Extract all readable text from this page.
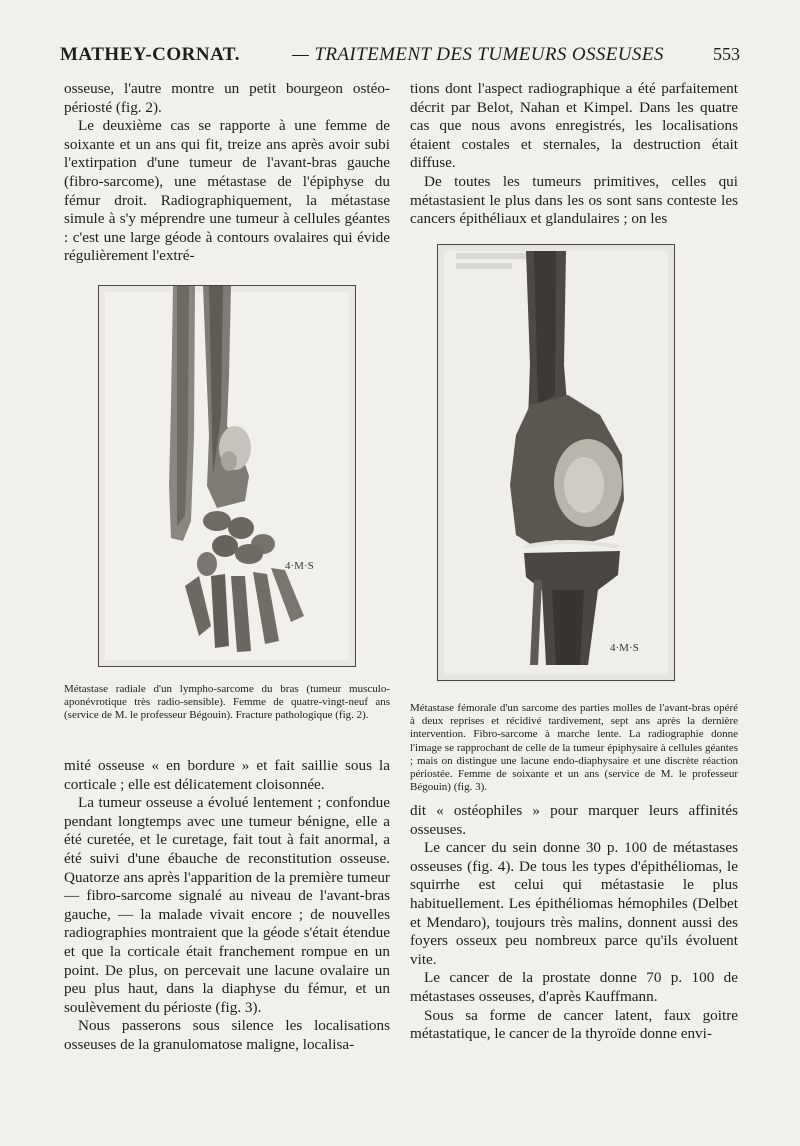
MATHEY-CORNAT.	— TRAITEMENT DES TUMEURS OSSEUSES	553

osseuse, l'autre montre un petit bourgeon ostéo-périosté (fig. 2).

Le deuxième cas se rapporte à une femme de soixante et un ans qui fit, treize ans après avoir subi l'extirpation d'une tumeur de l'avant-bras gauche (fibro-sarcome), une métastase de l'épiphyse du fémur droit. Radiographiquement, la métastase simule à s'y méprendre une tumeur à cellules géantes : c'est une large géode à contours ovalaires qui évide régulièrement l'extré-

tions dont l'aspect radiographique a été parfaitement décrit par Belot, Nahan et Kimpel. Dans les quatre cas que nous avons enregistrés, les localisations étaient costales et sternales, la destruction était diffuse.

De toutes les tumeurs primitives, celles qui métastasient le plus dans les os sont sans conteste les cancers épithéliaux et glandulaires ; on les

4·M·S
4·M·S
Métastase radiale d'un lympho-sarcome du bras (tumeur musculo-aponévrotique très radio-sensible). Femme de quatre-vingt-neuf ans (service de M. le professeur Bégouin). Fracture pathologique (fig. 2).
Métastase fémorale d'un sarcome des parties molles de l'avant-bras opéré à deux reprises et récidivé tardivement, sept ans après la dernière intervention. Fibro-sarcome à marche lente. La radiographie donne l'image se rapprochant de celle de la tumeur épiphysaire à cellules géantes ; mais on distingue une lacune endo-diaphysaire et une discrète réaction périostée. Femme de soixante et un ans (service de M. le professeur Bégouin) (fig. 3).

mité osseuse « en bordure » et fait saillie sous la corticale ; elle est délicatement cloisonnée.

La tumeur osseuse a évolué lentement ; confondue pendant longtemps avec une tumeur bénigne, elle a été curetée, et le curetage, fait tout à fait anormal, a été suivi d'une ébauche de reconstitution osseuse. Quatorze ans après l'apparition de la première tumeur — fibro-sarcome signalé au niveau de l'avant-bras gauche, — la malade vivait encore ; de nouvelles radiographies montraient que la géode s'était étendue et que la corticale était franchement rompue en un point. De plus, on percevait une lacune ovalaire un peu plus haut, dans la diaphyse du fémur, et un soulèvement du périoste (fig. 3).

Nous passerons sous silence les localisations osseuses de la granulomatose maligne, localisa-

dit « ostéophiles » pour marquer leurs affinités osseuses.

Le cancer du sein donne 30 p. 100 de métastases osseuses (fig. 4). De tous les types d'épithéliomas, le squirrhe est celui qui métastasie le plus habituellement. Les épithéliomas hémophiles (Delbet et Mendaro), toujours très malins, donnent aussi des foyers osseux peu nombreux parce qu'ils évoluent vite.

Le cancer de la prostate donne 70 p. 100 de métastases osseuses, d'après Kauffmann.

Sous sa forme de cancer latent, faux goitre métastatique, le cancer de la thyroïde donne envi-
